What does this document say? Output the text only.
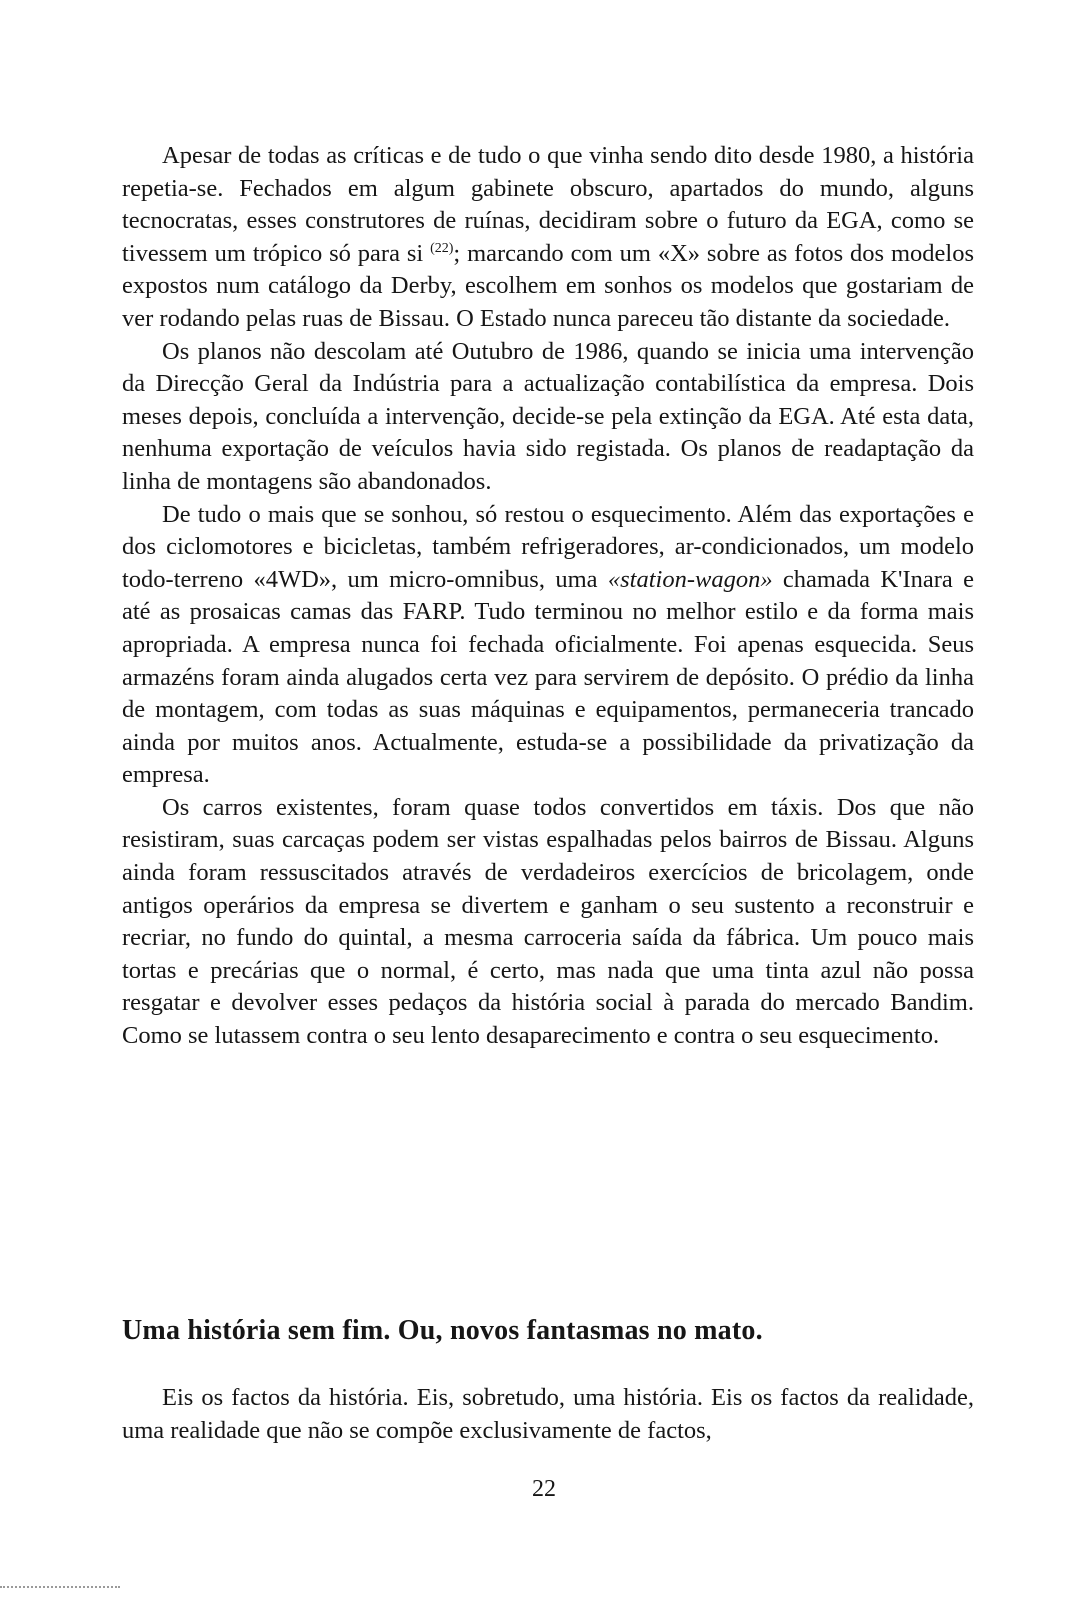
Apesar de todas as críticas e de tudo o que vinha sendo dito desde 1980, a história repetia-se. Fechados em algum gabinete obscuro, apartados do mundo, alguns tecnocratas, esses construtores de ruínas, decidiram sobre o futuro da EGA, como se tivessem um trópico só para si $^{(22)}$; marcando com um «X» sobre as fotos dos modelos expostos num catálogo da Derby, escolhem em sonhos os modelos que gostariam de ver rodando pelas ruas de Bissau. O Estado nunca pareceu tão distante da sociedade.

Os planos não descolam até Outubro de 1986, quando se inicia uma intervenção da Direcção Geral da Indústria para a actualização contabilística da empresa. Dois meses depois, concluída a intervenção, decide-se pela extinção da EGA. Até esta data, nenhuma exportação de veículos havia sido registada. Os planos de readaptação da linha de montagens são abandonados.

De tudo o mais que se sonhou, só restou o esquecimento. Além das exportações e dos ciclomotores e bicicletas, também refrigeradores, ar-condicionados, um modelo todo-terreno «4WD», um micro-omnibus, uma «station-wagon» chamada K'Inara e até as prosaicas camas das FARP. Tudo terminou no melhor estilo e da forma mais apropriada. A empresa nunca foi fechada oficialmente. Foi apenas esquecida. Seus armazéns foram ainda alugados certa vez para servirem de depósito. O prédio da linha de montagem, com todas as suas máquinas e equipamentos, permaneceria trancado ainda por muitos anos. Actualmente, estuda-se a possibilidade da privatização da empresa.

Os carros existentes, foram quase todos convertidos em táxis. Dos que não resistiram, suas carcaças podem ser vistas espalhadas pelos bairros de Bissau. Alguns ainda foram ressuscitados através de verdadeiros exercícios de bricolagem, onde antigos operários da empresa se divertem e ganham o seu sustento a reconstruir e recriar, no fundo do quintal, a mesma carroceria saída da fábrica. Um pouco mais tortas e precárias que o normal, é certo, mas nada que uma tinta azul não possa resgatar e devolver esses pedaços da história social à parada do mercado Bandim. Como se lutassem contra o seu lento desaparecimento e contra o seu esquecimento.

Uma história sem fim. Ou, novos fantasmas no mato.

Eis os factos da história. Eis, sobretudo, uma história. Eis os factos da realidade, uma realidade que não se compõe exclusivamente de factos,

22
